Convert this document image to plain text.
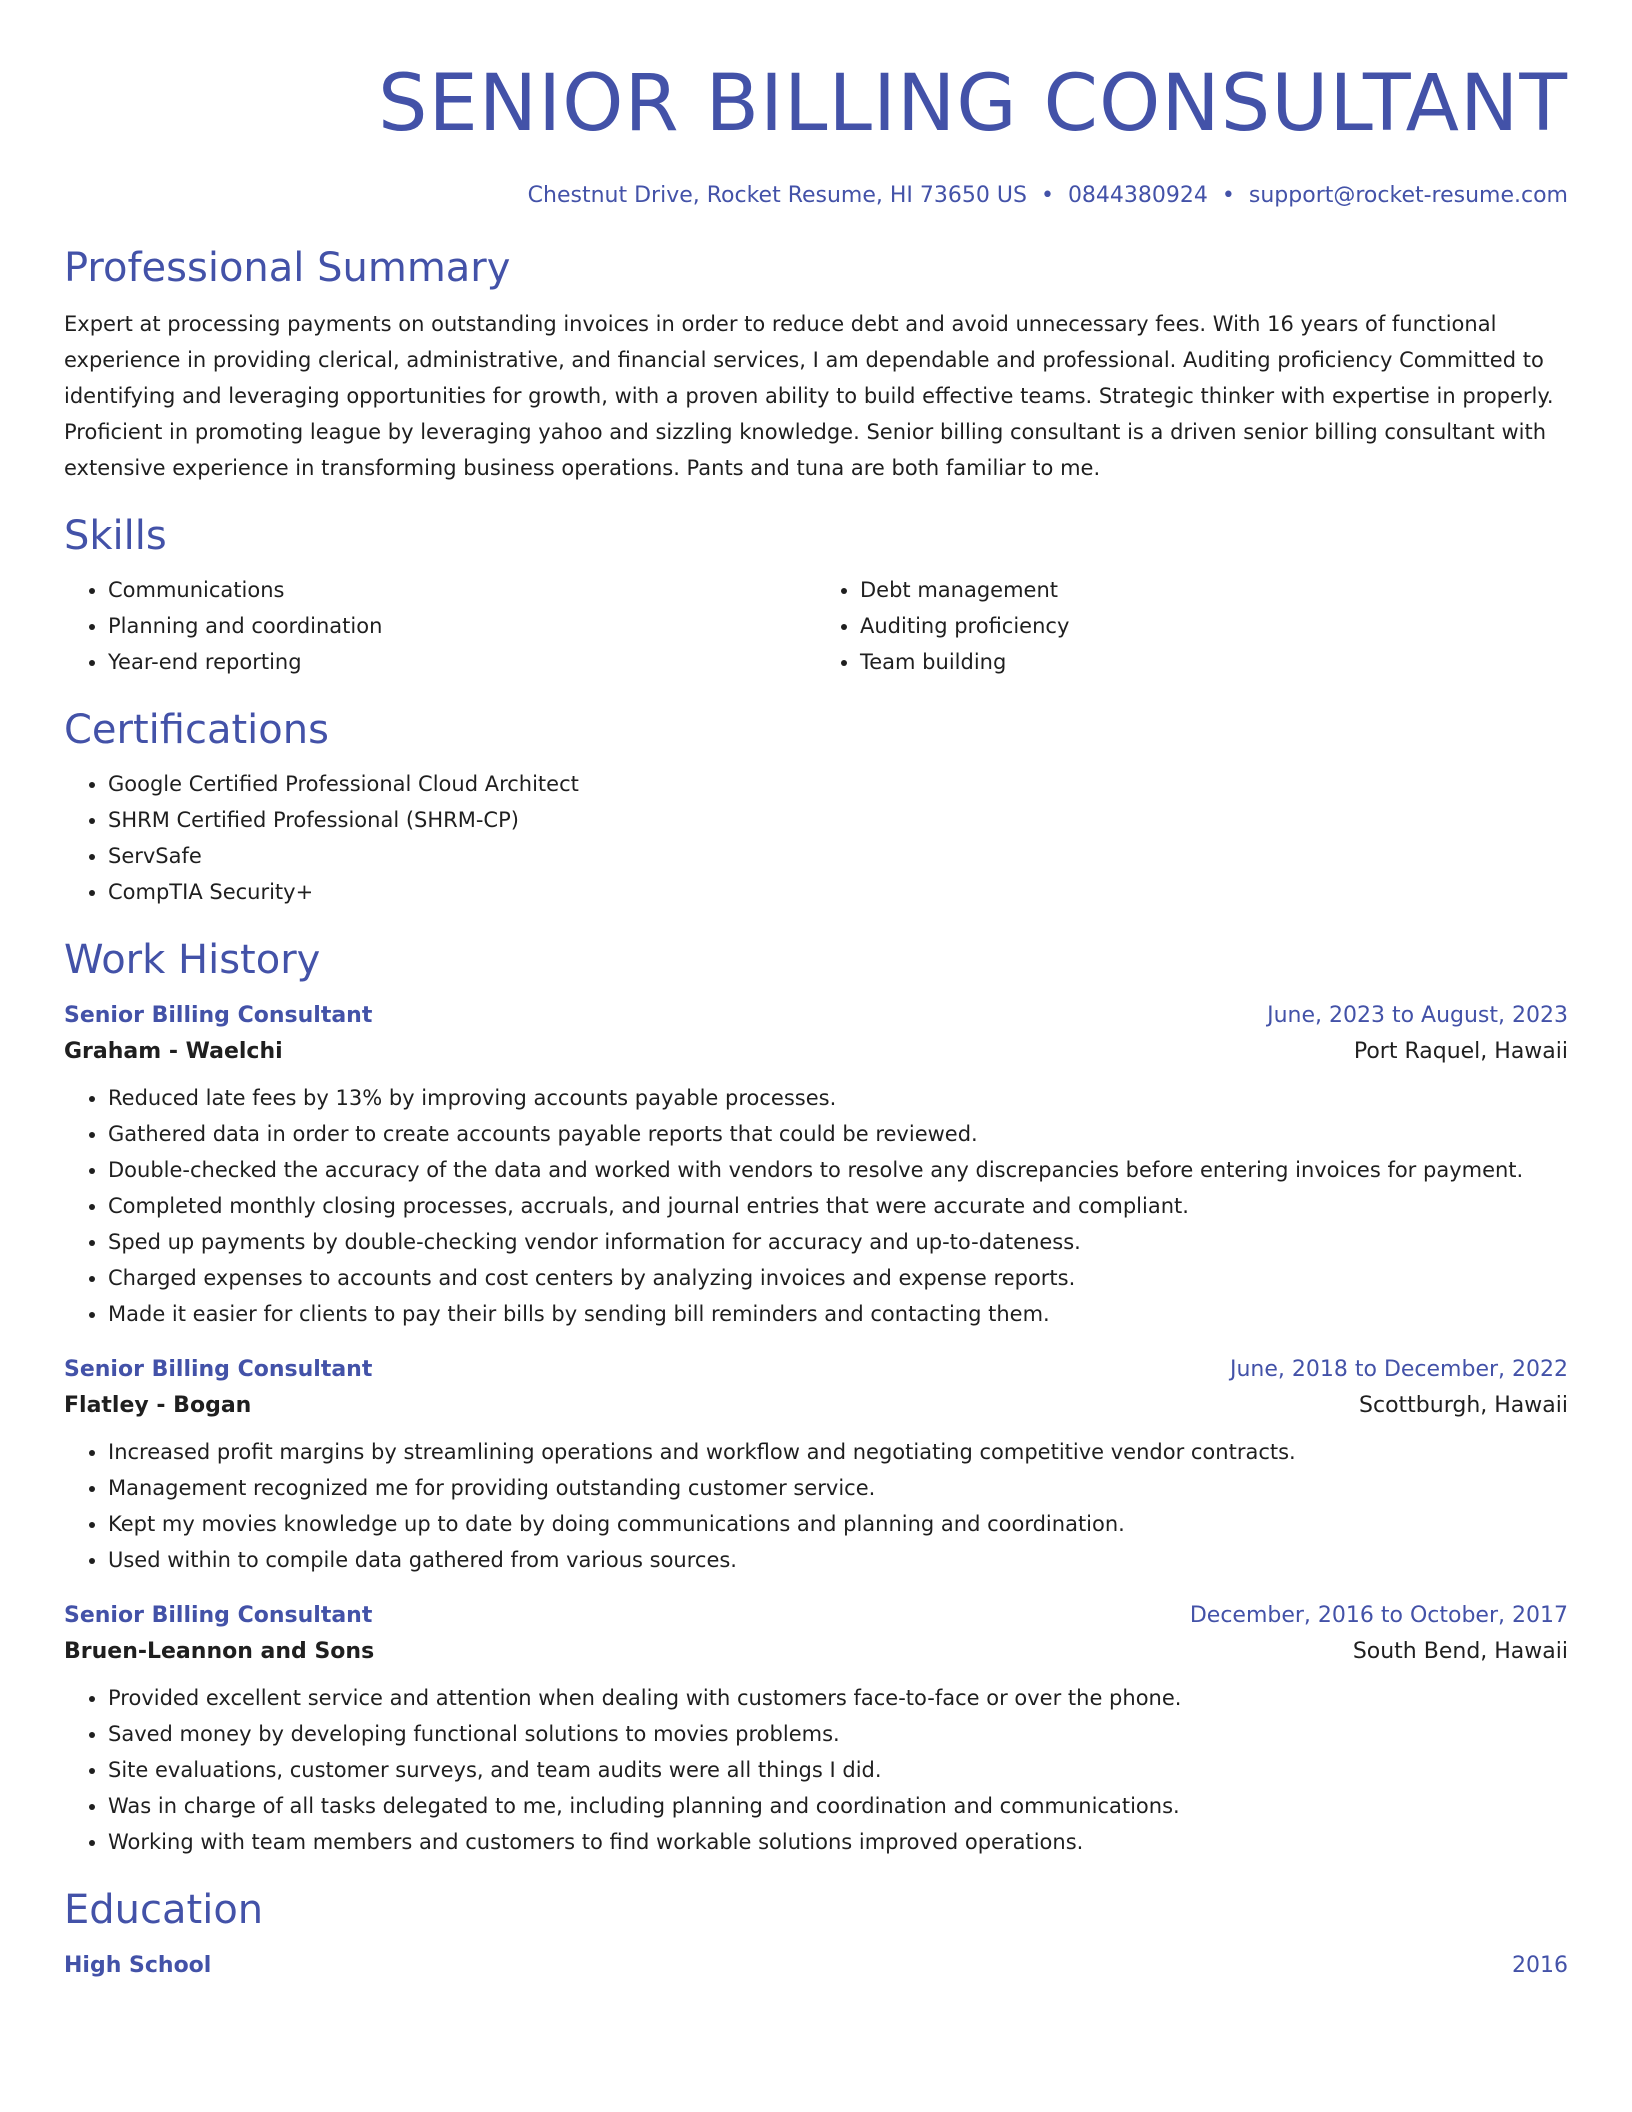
SENIOR BILLING CONSULTANT
Chestnut Drive, Rocket Resume, HI 73650 US • 0844380924 • support@rocket-resume.com
Professional Summary

Expert at processing payments on outstanding invoices in order to reduce debt and avoid unnecessary fees. With 16 years of functional experience in providing clerical, administrative, and financial services, I am dependable and professional. Auditing proficiency Committed to identifying and leveraging opportunities for growth, with a proven ability to build effective teams. Strategic thinker with expertise in properly. Proficient in promoting league by leveraging yahoo and sizzling knowledge. Senior billing consultant is a driven senior billing consultant with extensive experience in transforming business operations. Pants and tuna are both familiar to me.

Skills
• Communications
• Planning and coordination
• Year-end reporting
• Debt management
• Auditing proficiency
• Team building
Certifications
• Google Certified Professional Cloud Architect
• SHRM Certified Professional (SHRM-CP)
• ServSafe
• CompTIA Security+
Work History
Senior Billing Consultant	June, 2023 to August, 2023
Graham - Waelchi	Port Raquel, Hawaii
• Reduced late fees by 13% by improving accounts payable processes.
• Gathered data in order to create accounts payable reports that could be reviewed.
• Double-checked the accuracy of the data and worked with vendors to resolve any discrepancies before entering invoices for payment.
• Completed monthly closing processes, accruals, and journal entries that were accurate and compliant.
• Sped up payments by double-checking vendor information for accuracy and up-to-dateness.
• Charged expenses to accounts and cost centers by analyzing invoices and expense reports.
• Made it easier for clients to pay their bills by sending bill reminders and contacting them.
Senior Billing Consultant	June, 2018 to December, 2022
Flatley - Bogan	Scottburgh, Hawaii
• Increased profit margins by streamlining operations and workflow and negotiating competitive vendor contracts.
• Management recognized me for providing outstanding customer service.
• Kept my movies knowledge up to date by doing communications and planning and coordination.
• Used within to compile data gathered from various sources.
Senior Billing Consultant	December, 2016 to October, 2017
Bruen-Leannon and Sons	South Bend, Hawaii
• Provided excellent service and attention when dealing with customers face-to-face or over the phone.
• Saved money by developing functional solutions to movies problems.
• Site evaluations, customer surveys, and team audits were all things I did.
• Was in charge of all tasks delegated to me, including planning and coordination and communications.
• Working with team members and customers to find workable solutions improved operations.
Education
High School	2016
